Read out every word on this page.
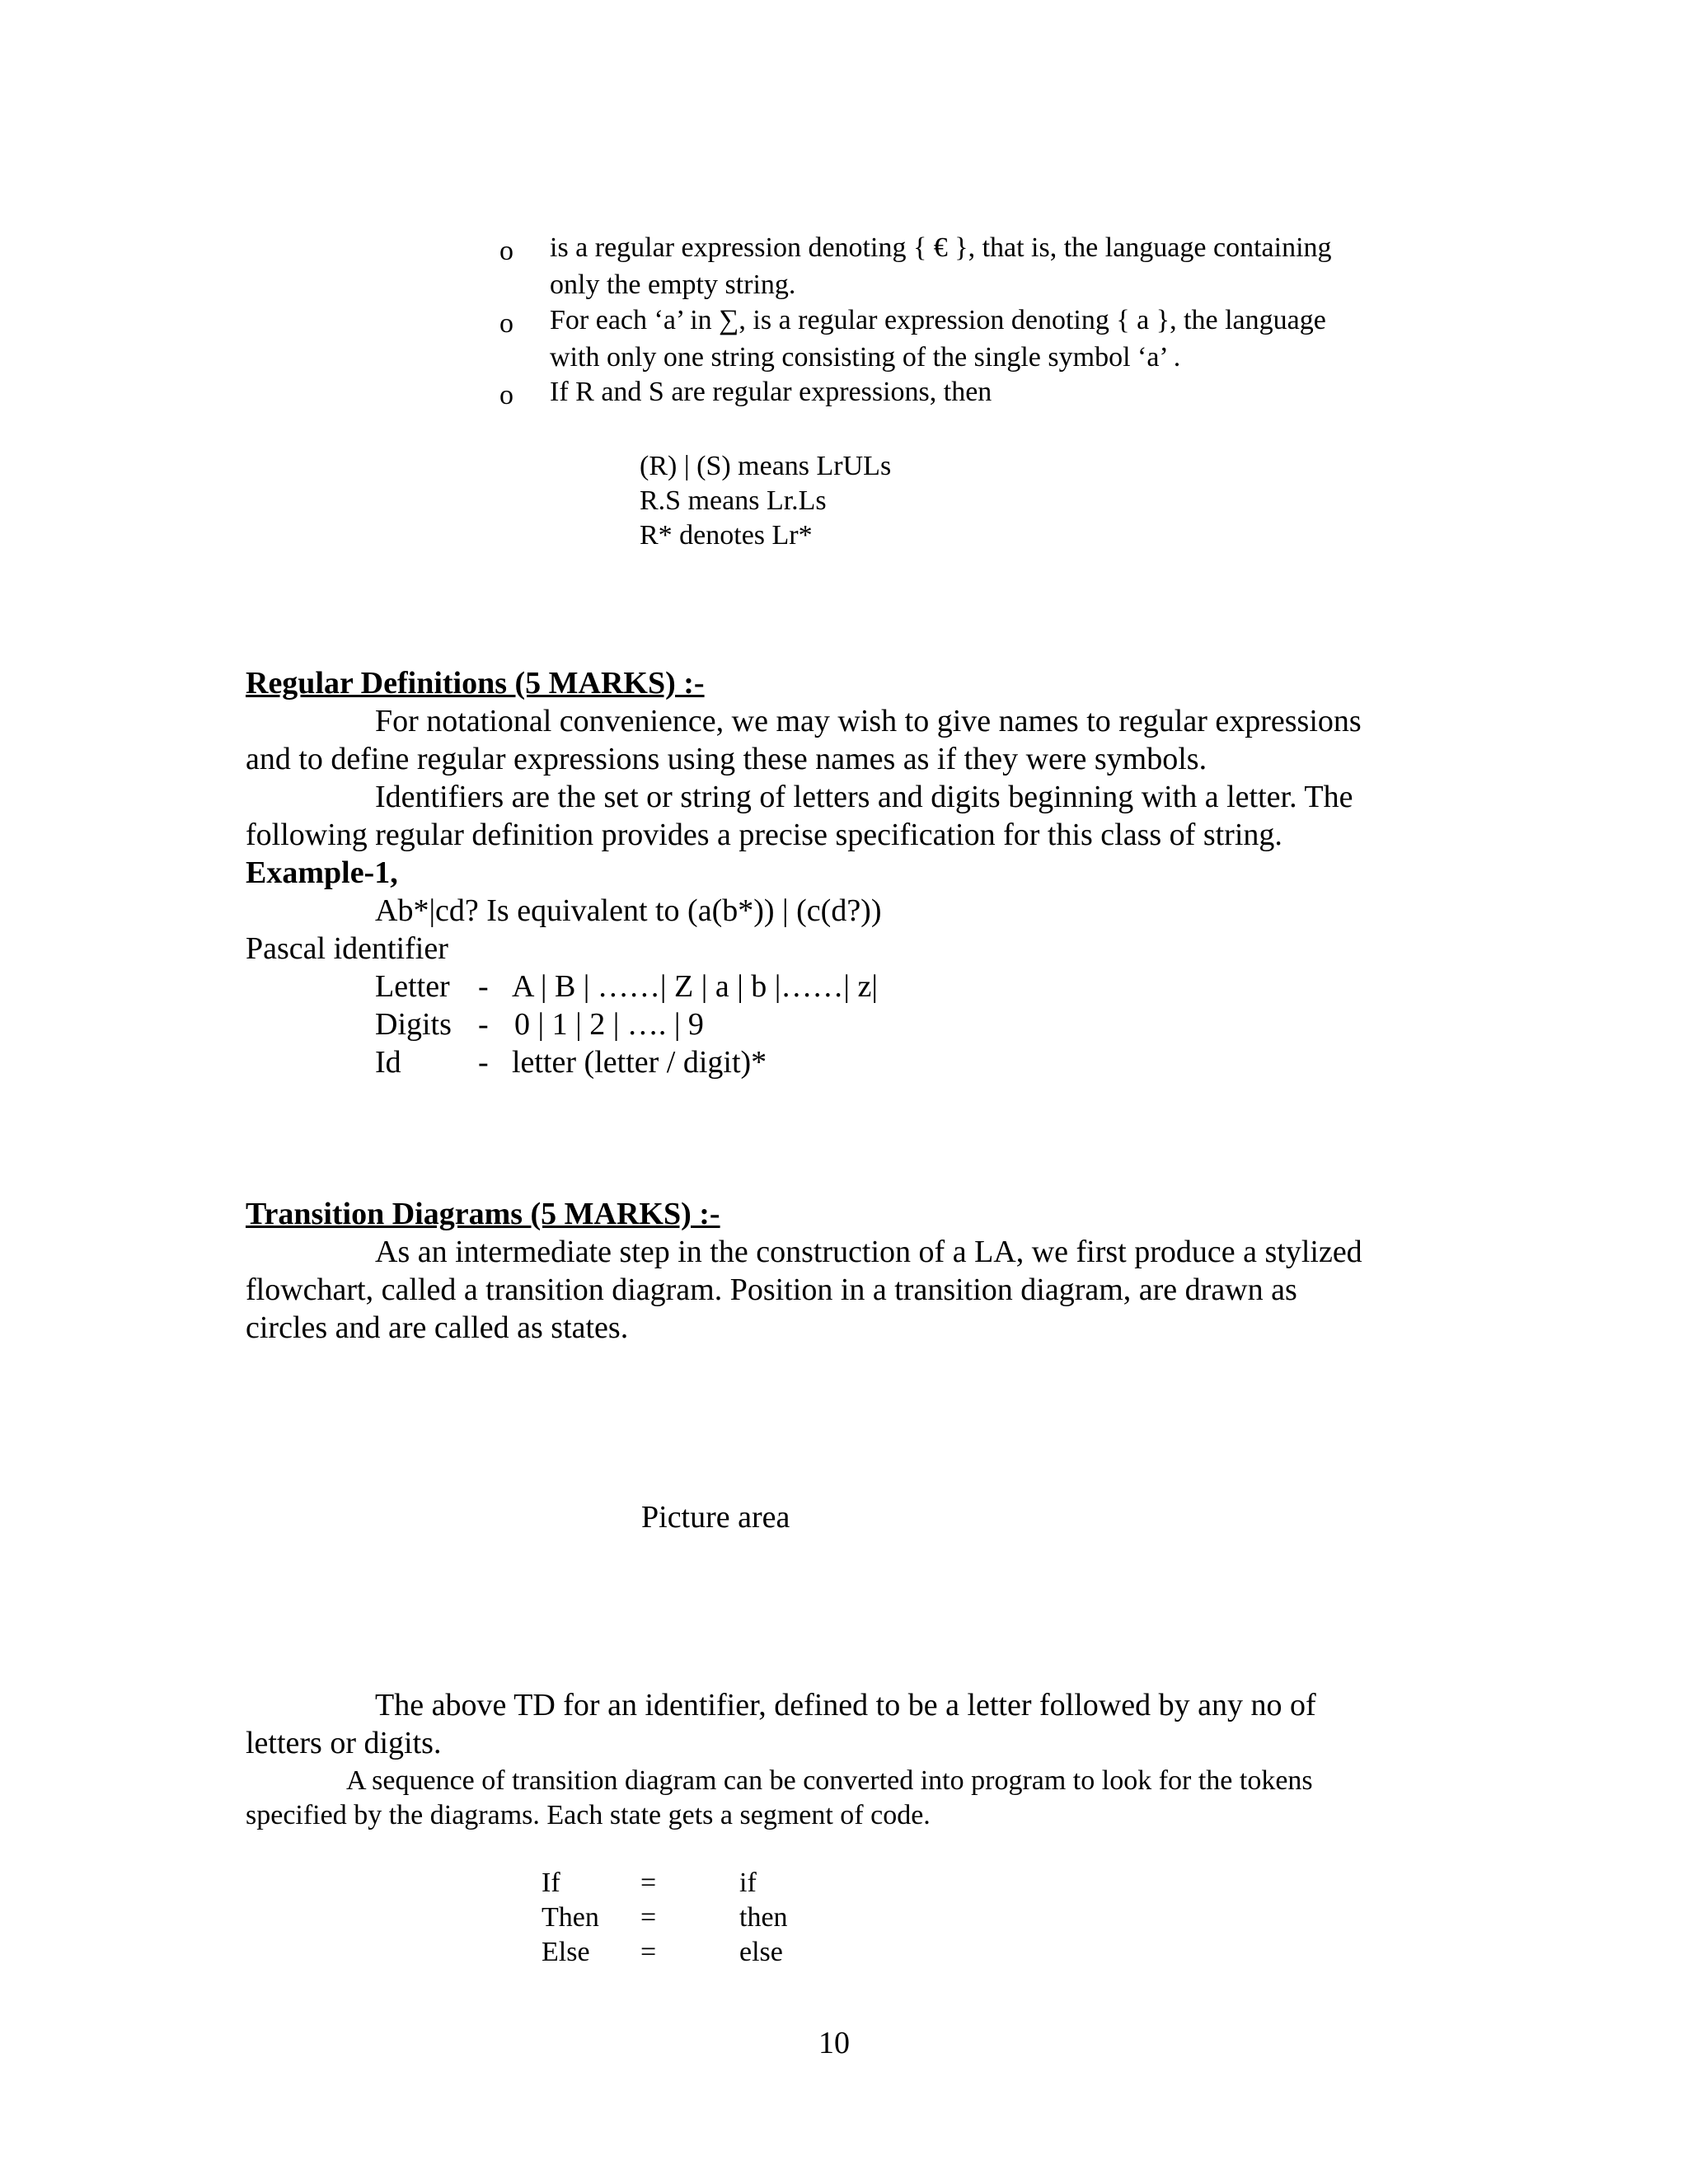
o is a regular expression denoting { € }, that is, the language containing
only the empty string.
o For each ‘a’ in ∑, is a regular expression denoting { a }, the language
with only one string consisting of the single symbol ‘a’ .
o If R and S are regular expressions, then
(R) | (S) means LrULs
R.S means Lr.Ls
R* denotes Lr*
Regular Definitions (5 MARKS) :-
For notational convenience, we may wish to give names to regular expressions
and to define regular expressions using these names as if they were symbols.
Identifiers are the set or string of letters and digits beginning with a letter. The
following regular definition provides a precise specification for this class of string.
Example-1,
Ab*|cd? Is equivalent to (a(b*)) | (c(d?))
Pascal identifier
Letter - A | B | ……| Z | a | b |……| z|
Digits - 0 | 1 | 2 | …. | 9
Id - letter (letter / digit)*
Transition Diagrams (5 MARKS) :-
As an intermediate step in the construction of a LA, we first produce a stylized
flowchart, called a transition diagram. Position in a transition diagram, are drawn as
circles and are called as states.
Picture area
The above TD for an identifier, defined to be a letter followed by any no of
letters or digits.
A sequence of transition diagram can be converted into program to look for the tokens
specified by the diagrams. Each state gets a segment of code.
If	=	if
Then =	then
Else =	else
10
